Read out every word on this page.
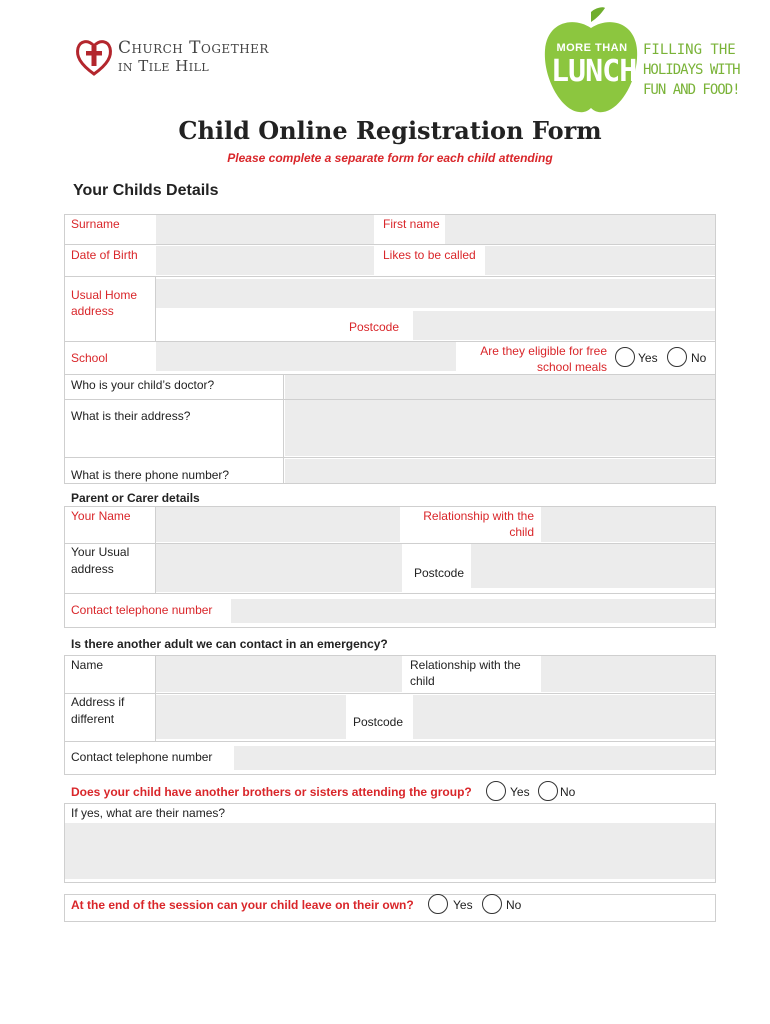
Church Together
in Tile Hill
MORE THAN
LUNCH
FILLING THE
HOLIDAYS WITH
FUN AND FOOD!
Child Online Registration Form
Please complete a separate form for each child attending
Your Childs Details
Surname	First name
Date of Birth	Likes to be called
Usual Home
address
Postcode
School	Are they eligible for free
school meals
Yes	No
Who is your child’s doctor?
What is their address?
What is there phone number?
Parent or Carer details
Your Name	Relationship with the
child
Your Usual
address	Postcode
Contact telephone number
Is there another adult we can contact in an emergency?
Name	Relationship with the
child
Address if
different	Postcode
Contact telephone number
Does your child have another brothers or sisters attending the group?	Yes	No
If yes, what are their names?
At the end of the session can your child leave on their own?	Yes	No
